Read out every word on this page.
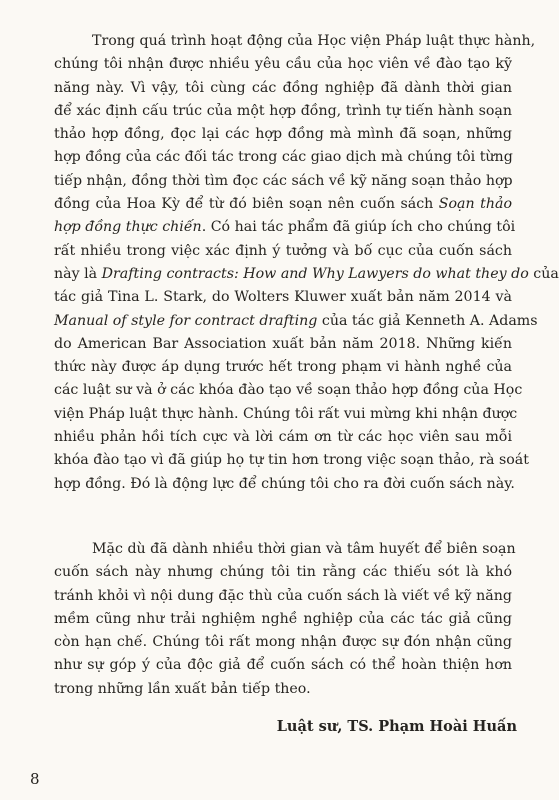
Trong quá trình hoạt động của Học viện Pháp luật thực hành,
chúng tôi nhận được nhiều yêu cầu của học viên về đào tạo kỹ
năng này. Vì vậy, tôi cùng các đồng nghiệp đã dành thời gian
để xác định cấu trúc của một hợp đồng, trình tự tiến hành soạn
thảo hợp đồng, đọc lại các hợp đồng mà mình đã soạn, những
hợp đồng của các đối tác trong các giao dịch mà chúng tôi từng
tiếp nhận, đồng thời tìm đọc các sách về kỹ năng soạn thảo hợp
đồng của Hoa Kỳ để từ đó biên soạn nên cuốn sách Soạn thảo
hợp đồng thực chiến. Có hai tác phẩm đã giúp ích cho chúng tôi
rất nhiều trong việc xác định ý tưởng và bố cục của cuốn sách
này là Drafting contracts: How and Why Lawyers do what they do của
tác giả Tina L. Stark, do Wolters Kluwer xuất bản năm 2014 và
Manual of style for contract drafting của tác giả Kenneth A. Adams
do American Bar Association xuất bản năm 2018. Những kiến
thức này được áp dụng trước hết trong phạm vi hành nghề của
các luật sư và ở các khóa đào tạo về soạn thảo hợp đồng của Học
viện Pháp luật thực hành. Chúng tôi rất vui mừng khi nhận được
nhiều phản hồi tích cực và lời cám ơn từ các học viên sau mỗi
khóa đào tạo vì đã giúp họ tự tin hơn trong việc soạn thảo, rà soát
hợp đồng. Đó là động lực để chúng tôi cho ra đời cuốn sách này.
Mặc dù đã dành nhiều thời gian và tâm huyết để biên soạn
cuốn sách này nhưng chúng tôi tin rằng các thiếu sót là khó
tránh khỏi vì nội dung đặc thù của cuốn sách là viết về kỹ năng
mềm cũng như trải nghiệm nghề nghiệp của các tác giả cũng
còn hạn chế. Chúng tôi rất mong nhận được sự đón nhận cũng
như sự góp ý của độc giả để cuốn sách có thể hoàn thiện hơn
trong những lần xuất bản tiếp theo.
Luật sư, TS. Phạm Hoài Huấn
8
